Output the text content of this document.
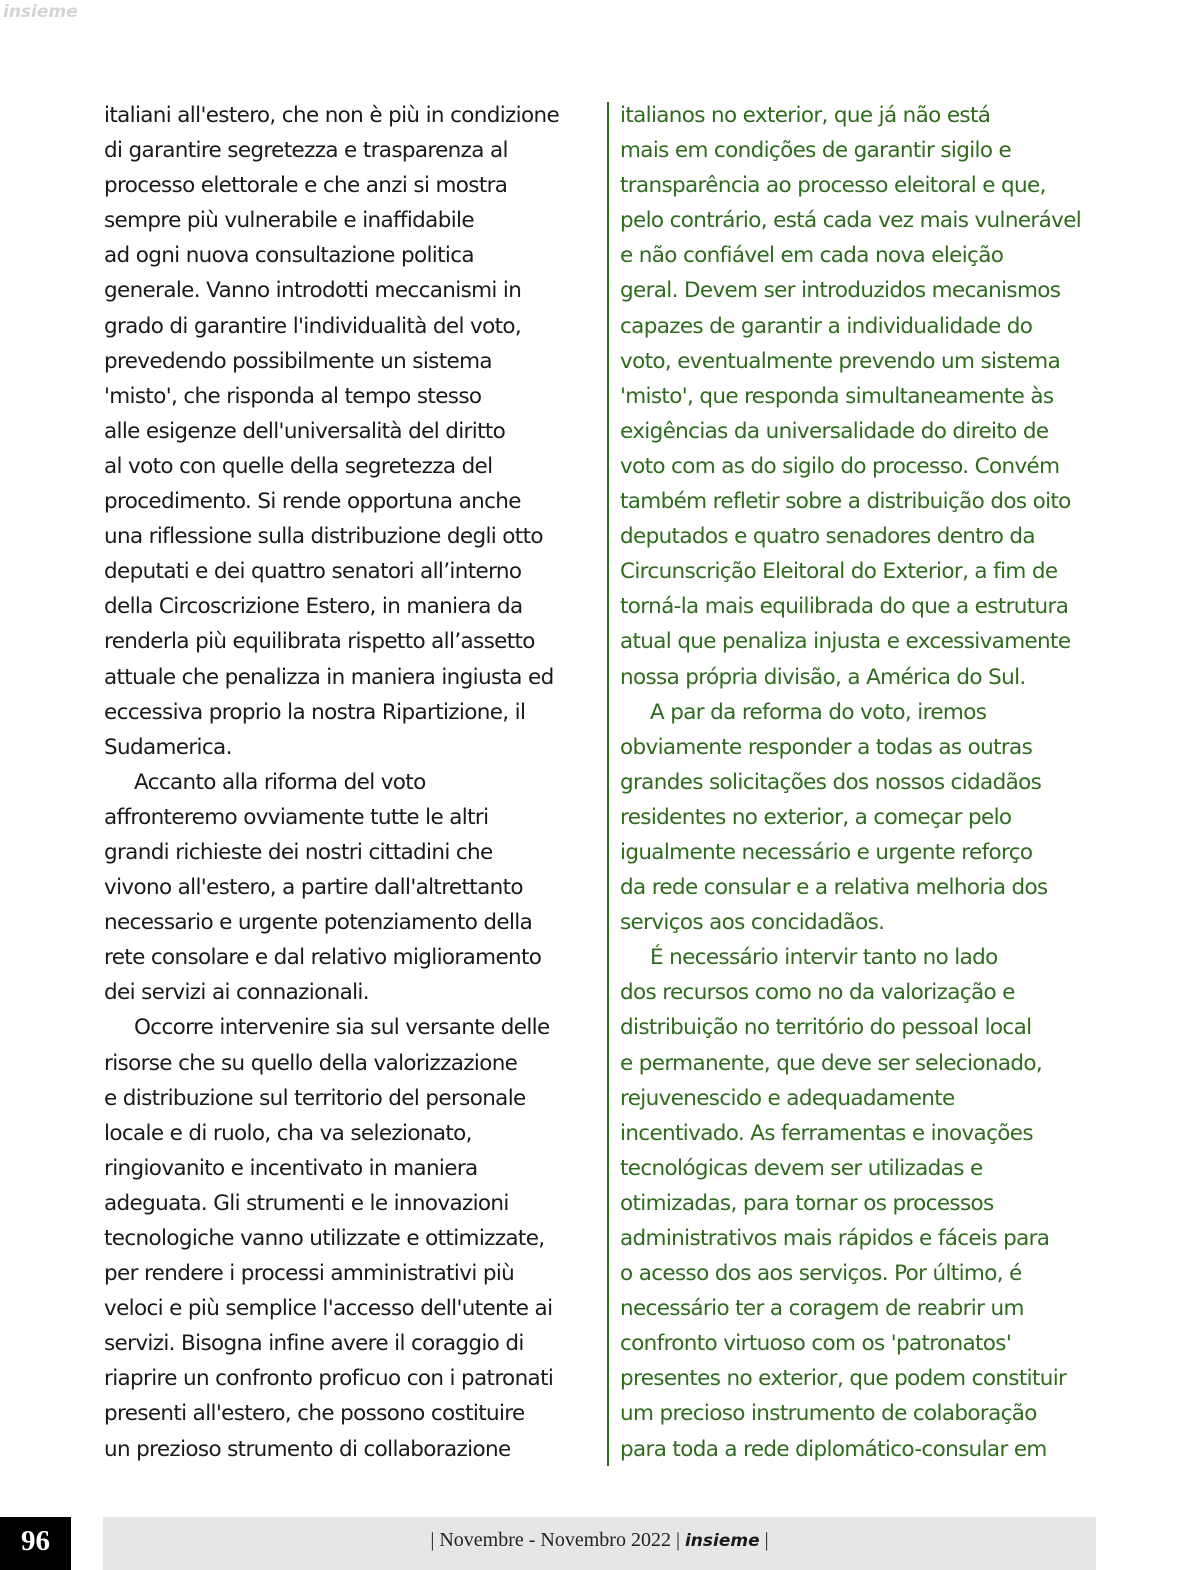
insieme
italiani all'estero, che non è più in condizione
di garantire segretezza e trasparenza al
processo elettorale e che anzi si mostra
sempre più vulnerabile e inaffidabile
ad ogni nuova consultazione politica
generale. Vanno introdotti meccanismi in
grado di garantire l'individualità del voto,
prevedendo possibilmente un sistema
'misto', che risponda al tempo stesso
alle esigenze dell'universalità del diritto
al voto con quelle della segretezza del
procedimento. Si rende opportuna anche
una riflessione sulla distribuzione degli otto
deputati e dei quattro senatori all’interno
della Circoscrizione Estero, in maniera da
renderla più equilibrata rispetto all’assetto
attuale che penalizza in maniera ingiusta ed
eccessiva proprio la nostra Ripartizione, il
Sudamerica.
Accanto alla riforma del voto
affronteremo ovviamente tutte le altri
grandi richieste dei nostri cittadini che
vivono all'estero, a partire dall'altrettanto
necessario e urgente potenziamento della
rete consolare e dal relativo miglioramento
dei servizi ai connazionali.
Occorre intervenire sia sul versante delle
risorse che su quello della valorizzazione
e distribuzione sul territorio del personale
locale e di ruolo, cha va selezionato,
ringiovanito e incentivato in maniera
adeguata. Gli strumenti e le innovazioni
tecnologiche vanno utilizzate e ottimizzate,
per rendere i processi amministrativi più
veloci e più semplice l'accesso dell'utente ai
servizi. Bisogna infine avere il coraggio di
riaprire un confronto proficuo con i patronati
presenti all'estero, che possono costituire
un prezioso strumento di collaborazione
italianos no exterior, que já não está
mais em condições de garantir sigilo e
transparência ao processo eleitoral e que,
pelo contrário, está cada vez mais vulnerável
e não confiável em cada nova eleição
geral. Devem ser introduzidos mecanismos
capazes de garantir a individualidade do
voto, eventualmente prevendo um sistema
'misto', que responda simultaneamente às
exigências da universalidade do direito de
voto com as do sigilo do processo. Convém
também refletir sobre a distribuição dos oito
deputados e quatro senadores dentro da
Circunscrição Eleitoral do Exterior, a fim de
torná-la mais equilibrada do que a estrutura
atual que penaliza injusta e excessivamente
nossa própria divisão, a América do Sul.
A par da reforma do voto, iremos
obviamente responder a todas as outras
grandes solicitações dos nossos cidadãos
residentes no exterior, a começar pelo
igualmente necessário e urgente reforço
da rede consular e a relativa melhoria dos
serviços aos concidadãos.
É necessário intervir tanto no lado
dos recursos como no da valorização e
distribuição no território do pessoal local
e permanente, que deve ser selecionado,
rejuvenescido e adequadamente
incentivado. As ferramentas e inovações
tecnológicas devem ser utilizadas e
otimizadas, para tornar os processos
administrativos mais rápidos e fáceis para
o acesso dos aos serviços. Por último, é
necessário ter a coragem de reabrir um
confronto virtuoso com os 'patronatos'
presentes no exterior, que podem constituir
um precioso instrumento de colaboração
para toda a rede diplomático-consular em
| Novembre - Novembro 2022 | insieme |
96
